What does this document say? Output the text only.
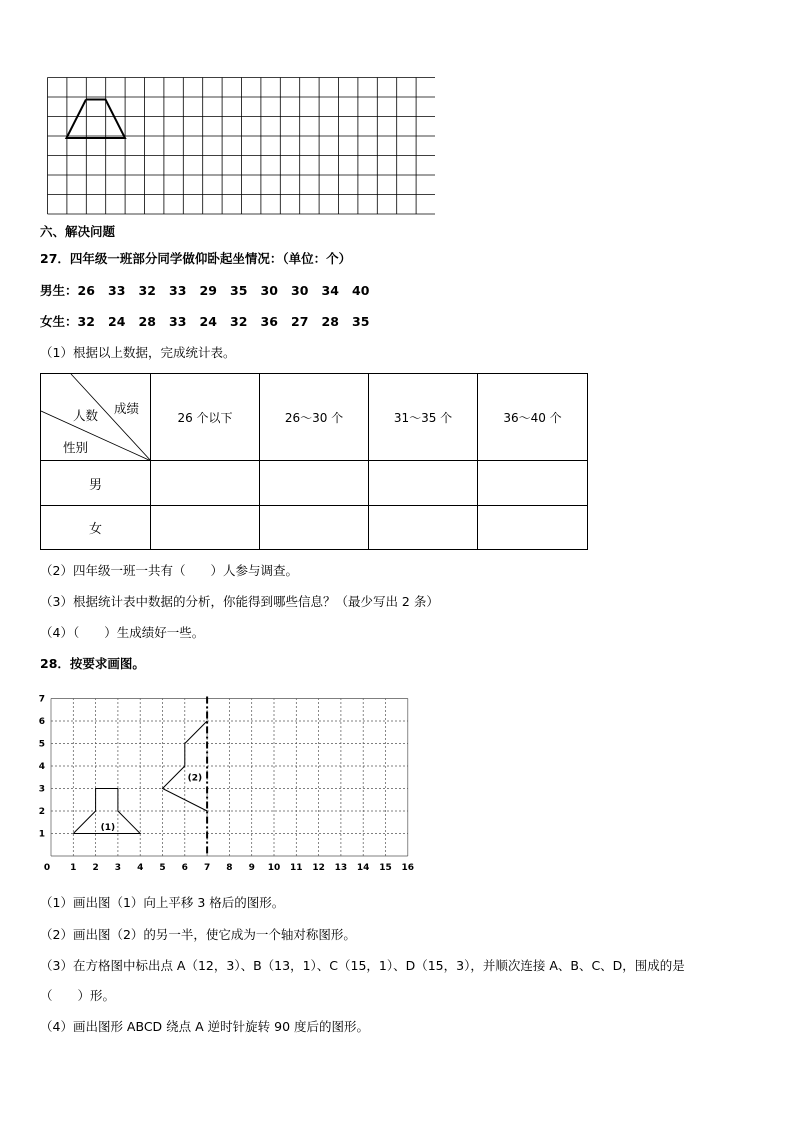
六、解决问题
27．四年级一班部分同学做仰卧起坐情况：（单位：个）
男生：26 33 32 33 29 35 30 30 34 40
女生：32 24 28 33 24 32 36 27 28 35
（1）根据以上数据，完成统计表。
成绩
人数
性别	26 个以下	26～30 个	31～35 个	36～40 个
男				
女				
（2）四年级一班一共有（　　）人参与调查。
（3）根据统计表中数据的分析，你能得到哪些信息？（最少写出 2 条）
（4）（　　）生成绩好一些。
28．按要求画图。
0 1 2 3 4 5 6 7 8 9 10 11 12 13 14 15 16
1
2
3
4
5
6
7
(1)
(2)
（1）画出图（1）向上平移 3 格后的图形。
（2）画出图（2）的另一半，使它成为一个轴对称图形。
（3）在方格图中标出点 A（12，3）、B（13，1）、C（15，1）、D（15，3），并顺次连接 A、B、C、D，围成的是
（　　）形。
（4）画出图形 ABCD 绕点 A 逆时针旋转 90 度后的图形。
